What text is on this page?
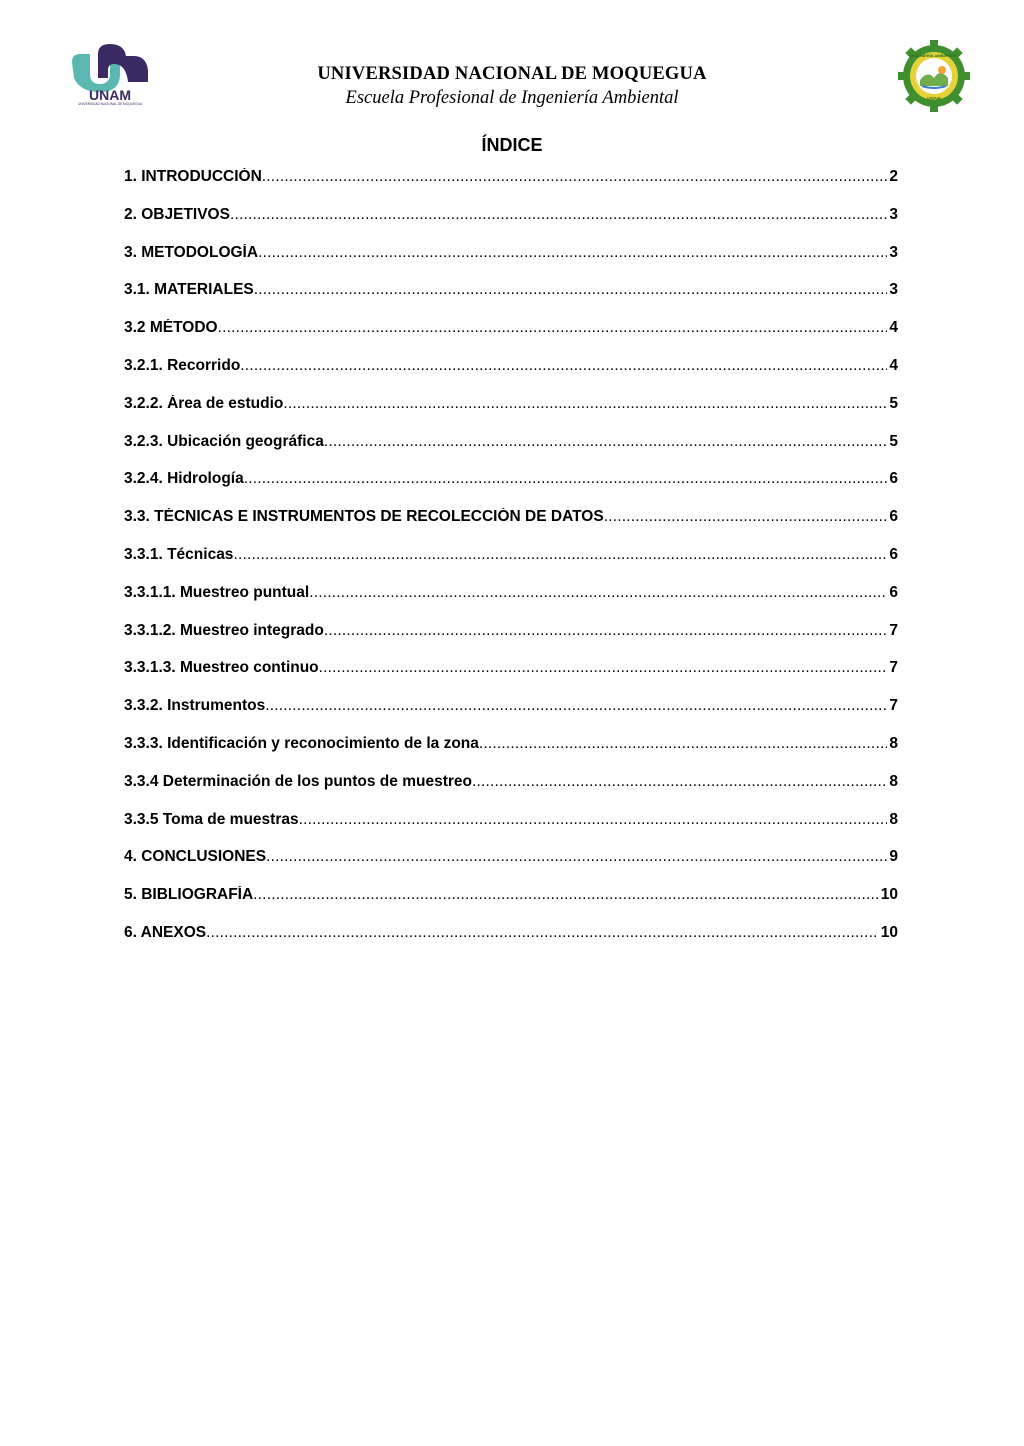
UNAM
UNIVERSIDAD NACIONAL DE MOQUEGUA
INGENIERÍA AMBIENTAL
UNAM
UNIVERSIDAD NACIONAL DE MOQUEGUA
Escuela Profesional de Ingeniería Ambiental
ÍNDICE
1. INTRODUCCIÓN .....	2
2. OBJETIVOS .....	3
3. METODOLOGÍA .....	3
3.1. MATERIALES .....	3
3.2 MÉTODO .....	4
3.2.1. Recorrido .....	4
3.2.2. Área de estudio .....	5
3.2.3. Ubicación geográfica .....	5
3.2.4. Hidrología .....	6
3.3. TÉCNICAS E INSTRUMENTOS DE RECOLECCIÓN DE DATOS .....	6
3.3.1. Técnicas .....	6
3.3.1.1. Muestreo puntual .....	6
3.3.1.2. Muestreo integrado .....	7
3.3.1.3. Muestreo continuo .....	7
3.3.2. Instrumentos .....	7
3.3.3. Identificación y reconocimiento de la zona .....	8
3.3.4 Determinación de los puntos de muestreo .....	8
3.3.5 Toma de muestras .....	8
4. CONCLUSIONES .....	9
5. BIBLIOGRAFÍA .....	10
6. ANEXOS .....	10
